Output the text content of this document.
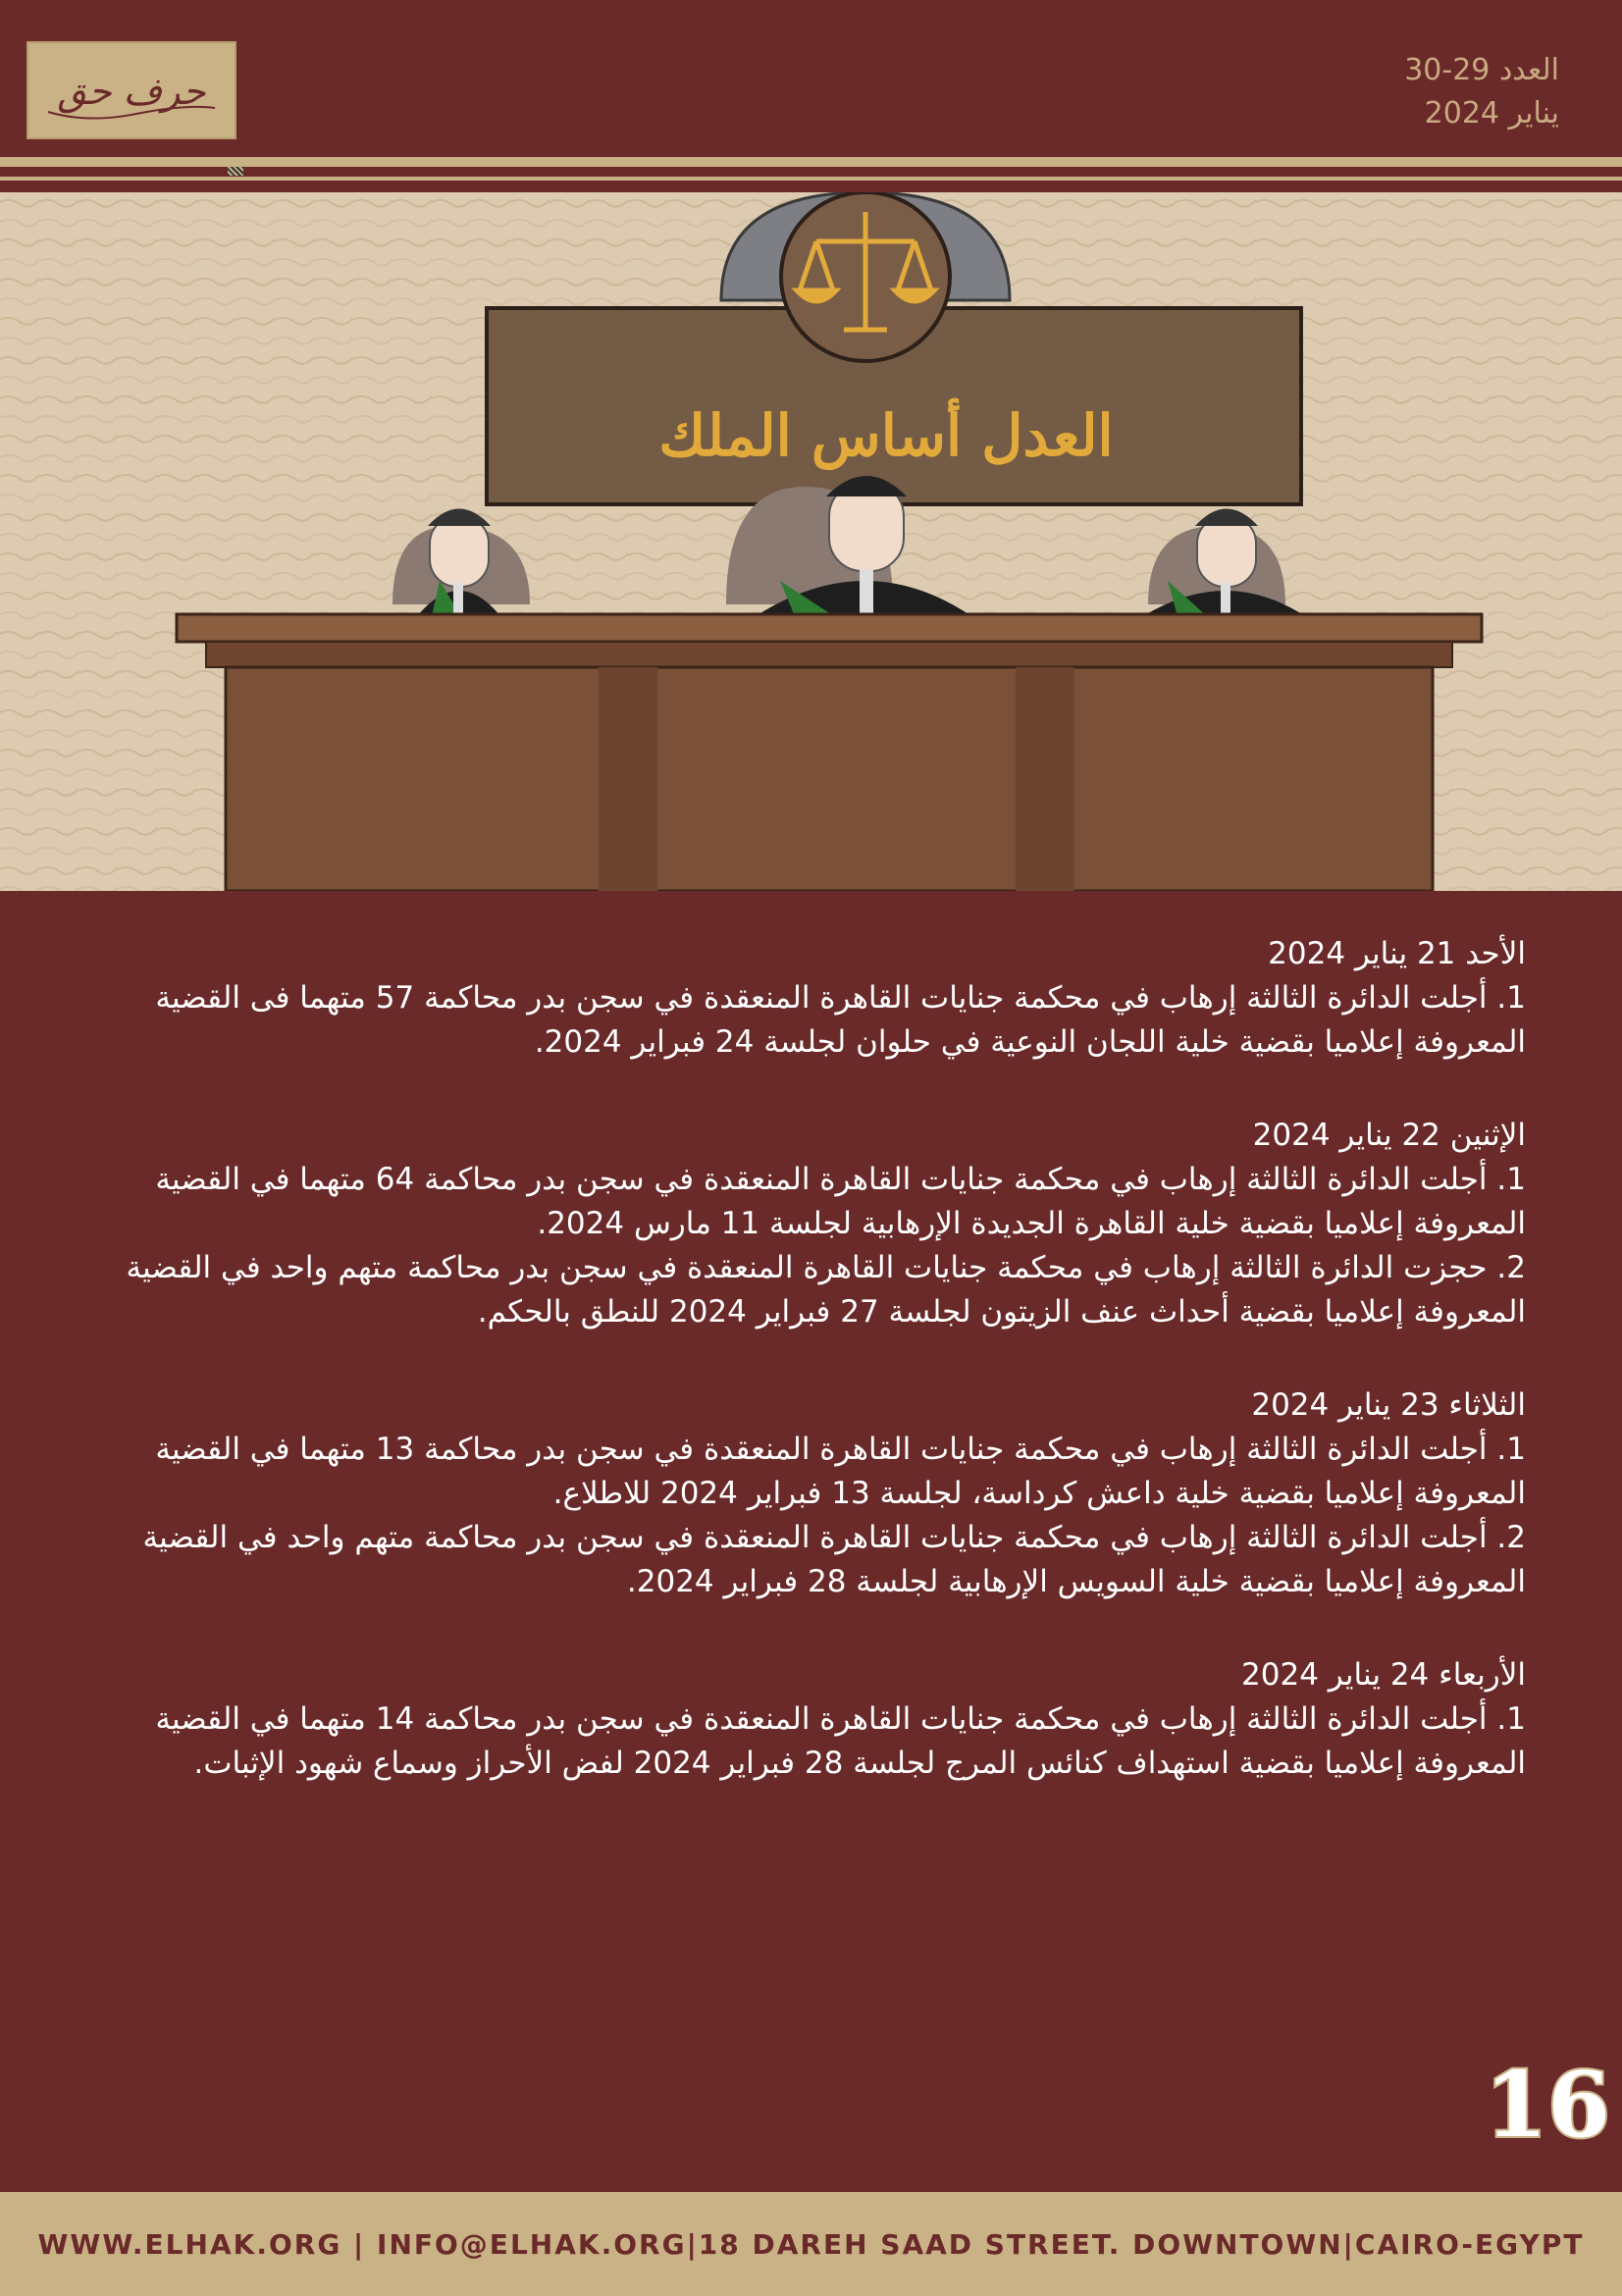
حرف حق	العدد 29-30
يناير 2024
العدل أساس الملك
الأحد 21 يناير 2024
1. أجلت الدائرة الثالثة إرهاب في محكمة جنايات القاهرة المنعقدة في سجن بدر محاكمة 57 متهما فى القضية المعروفة إعلاميا بقضية خلية اللجان النوعية في حلوان لجلسة 24 فبراير 2024.
الإثنين 22 يناير 2024
1. أجلت الدائرة الثالثة إرهاب في محكمة جنايات القاهرة المنعقدة في سجن بدر محاكمة 64 متهما في القضية المعروفة إعلاميا بقضية خلية القاهرة الجديدة الإرهابية لجلسة 11 مارس 2024.
2. حجزت الدائرة الثالثة إرهاب في محكمة جنايات القاهرة المنعقدة في سجن بدر محاكمة متهم واحد في القضية المعروفة إعلاميا بقضية أحداث عنف الزيتون لجلسة 27 فبراير 2024 للنطق بالحكم.
الثلاثاء 23 يناير 2024
1. أجلت الدائرة الثالثة إرهاب في محكمة جنايات القاهرة المنعقدة في سجن بدر محاكمة 13 متهما في القضية المعروفة إعلاميا بقضية خلية داعش كرداسة، لجلسة 13 فبراير 2024 للاطلاع.
2. أجلت الدائرة الثالثة إرهاب في محكمة جنايات القاهرة المنعقدة في سجن بدر محاكمة متهم واحد في القضية المعروفة إعلاميا بقضية خلية السويس الإرهابية لجلسة 28 فبراير 2024.
الأربعاء 24 يناير 2024
1. أجلت الدائرة الثالثة إرهاب في محكمة جنايات القاهرة المنعقدة في سجن بدر محاكمة 14 متهما في القضية المعروفة إعلاميا بقضية استهداف كنائس المرج لجلسة 28 فبراير 2024 لفض الأحراز وسماع شهود الإثبات.
16
WWW.ELHAK.ORG | INFO@ELHAK.ORG|18 DAREH SAAD STREET. DOWNTOWN|CAIRO-EGYPT
